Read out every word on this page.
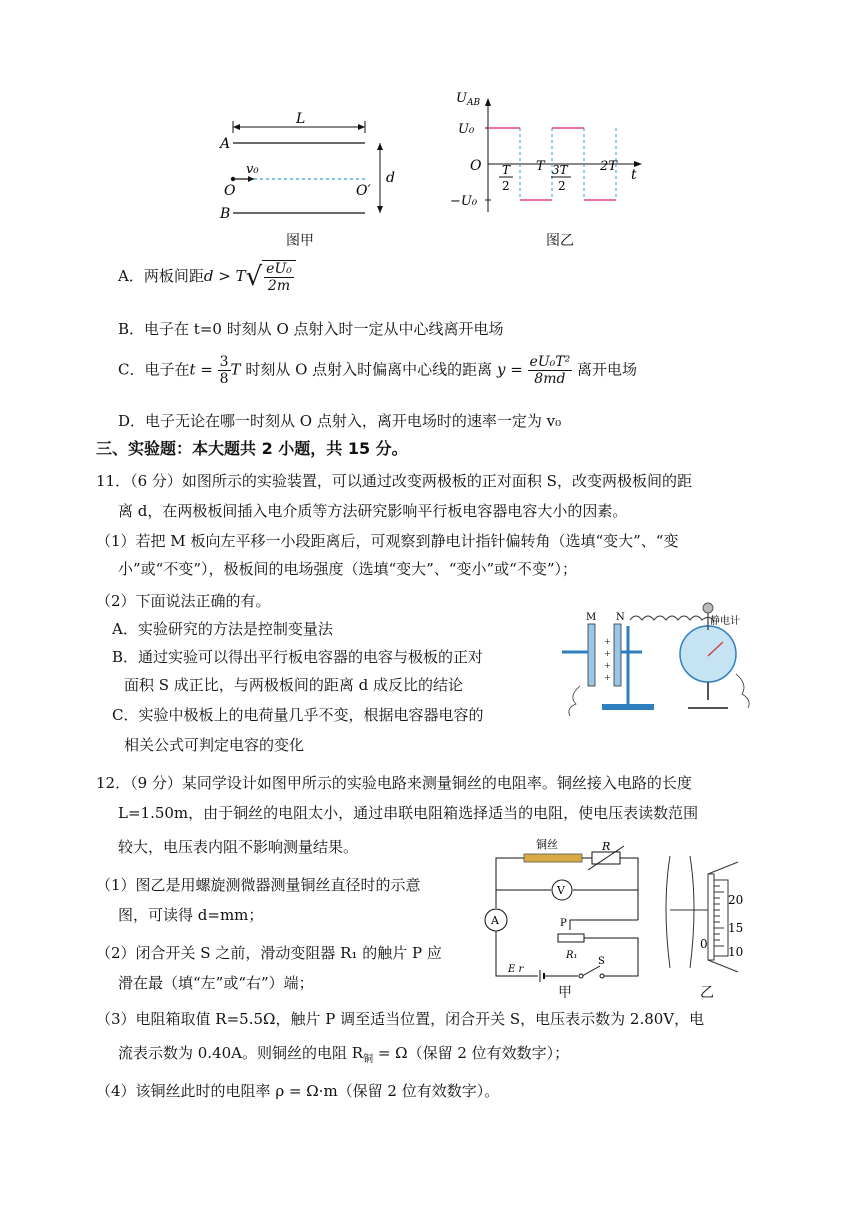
L
A
B
v₀
O	O′
d
图甲
$U_{AB}$
t
O
U₀
−U₀
T	2T
T
2
3T
2
图乙
A．两板间距$d > T√ \frac{\text{eU₀}}{2m}$
B．电子在 t=0 时刻从 O 点射入时一定从中心线离开电场
C．电子在$t = \frac{3}{8}$ T 时刻从 O 点射入时偏离中心线的距离 $y = \frac{\text{eU₀T²}}{8md}$ 离开电场
D．电子无论在哪一时刻从 O 点射入，离开电场时的速率一定为 v₀
三、实验题：本大题共 2 小题，共 15 分。
11．（6 分）如图所示的实验装置，可以通过改变两极板的正对面积 S，改变两极板间的距
离 d，在两极板间插入电介质等方法研究影响平行板电容器电容大小的因素。
（1）若把 M 板向左平移一小段距离后，可观察到静电计指针偏转角（选填“变大”、“变
小”或“不变”），极板间的电场强度（选填“变大”、“变小”或“不变”）；
（2）下面说法正确的有。
A．实验研究的方法是控制变量法
B．通过实验可以得出平行板电容器的电容与极板的正对
面积 S 成正比，与两极板间的距离 d 成反比的结论
C．实验中极板上的电荷量几乎不变，根据电容器电容的
相关公式可判定电容的变化
M N
+
+
+
+
静电计
12．（9 分）某同学设计如图甲所示的实验电路来测量铜丝的电阻率。铜丝接入电路的长度
L=1.50m，由于铜丝的电阻太小，通过串联电阻箱选择适当的电阻，使电压表读数范围
较大，电压表内阻不影响测量结果。
（1）图乙是用螺旋测微器测量铜丝直径时的示意
图，可读得 d=mm；
（2）闭合开关 S 之前，滑动变阻器 R₁ 的触片 P 应
滑在最（填“左”或“右”）端；
（3）电阻箱取值 R=5.5Ω，触片 P 调至适当位置，闭合开关 S，电压表示数为 2.80V，电
流表示数为 0.40A。则铜丝的电阻 $R_铜 = \Omega$（保留 2 位有效数字）；
（4）该铜丝此时的电阻率 ρ = Ω·m（保留 2 位有效数字）。
铜丝	R
V
A	P
R₁
E r
S
甲
20
15
10
0
乙
